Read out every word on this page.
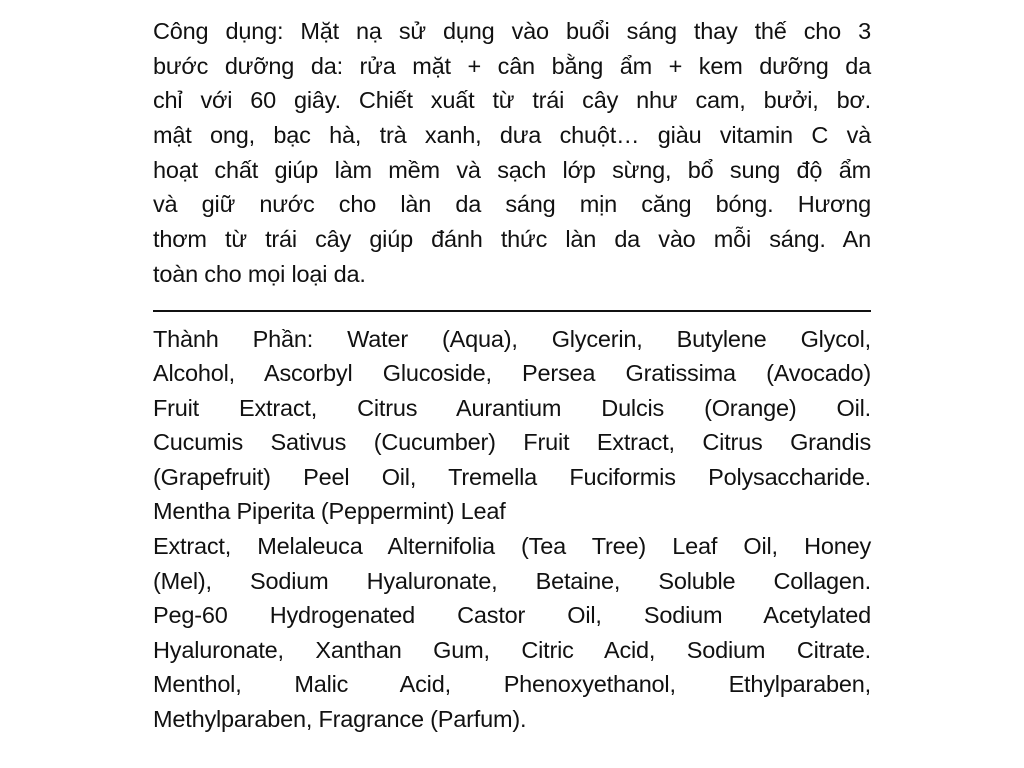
Công dụng: Mặt nạ sử dụng vào buổi sáng thay thế cho 3
bước dưỡng da: rửa mặt + cân bằng ẩm + kem dưỡng da
chỉ với 60 giây. Chiết xuất từ trái cây như cam, bưởi, bơ.
mật ong, bạc hà, trà xanh, dưa chuột… giàu vitamin C và
hoạt chất giúp làm mềm và sạch lớp sừng, bổ sung độ ẩm
và giữ nước cho làn da sáng mịn căng bóng. Hương
thơm từ trái cây giúp đánh thức làn da vào mỗi sáng. An
toàn cho mọi loại da.
Thành Phần: Water (Aqua), Glycerin, Butylene Glycol,
Alcohol, Ascorbyl Glucoside, Persea Gratissima (Avocado)
Fruit Extract, Citrus Aurantium Dulcis (Orange) Oil.
Cucumis Sativus (Cucumber) Fruit Extract, Citrus Grandis
(Grapefruit) Peel Oil, Tremella Fuciformis Polysaccharide.
Mentha Piperita (Peppermint) Leaf
Extract, Melaleuca Alternifolia (Tea Tree) Leaf Oil, Honey
(Mel), Sodium Hyaluronate, Betaine, Soluble Collagen.
Peg-60 Hydrogenated Castor Oil, Sodium Acetylated
Hyaluronate, Xanthan Gum, Citric Acid, Sodium Citrate.
Menthol, Malic Acid, Phenoxyethanol, Ethylparaben,
Methylparaben, Fragrance (Parfum).
